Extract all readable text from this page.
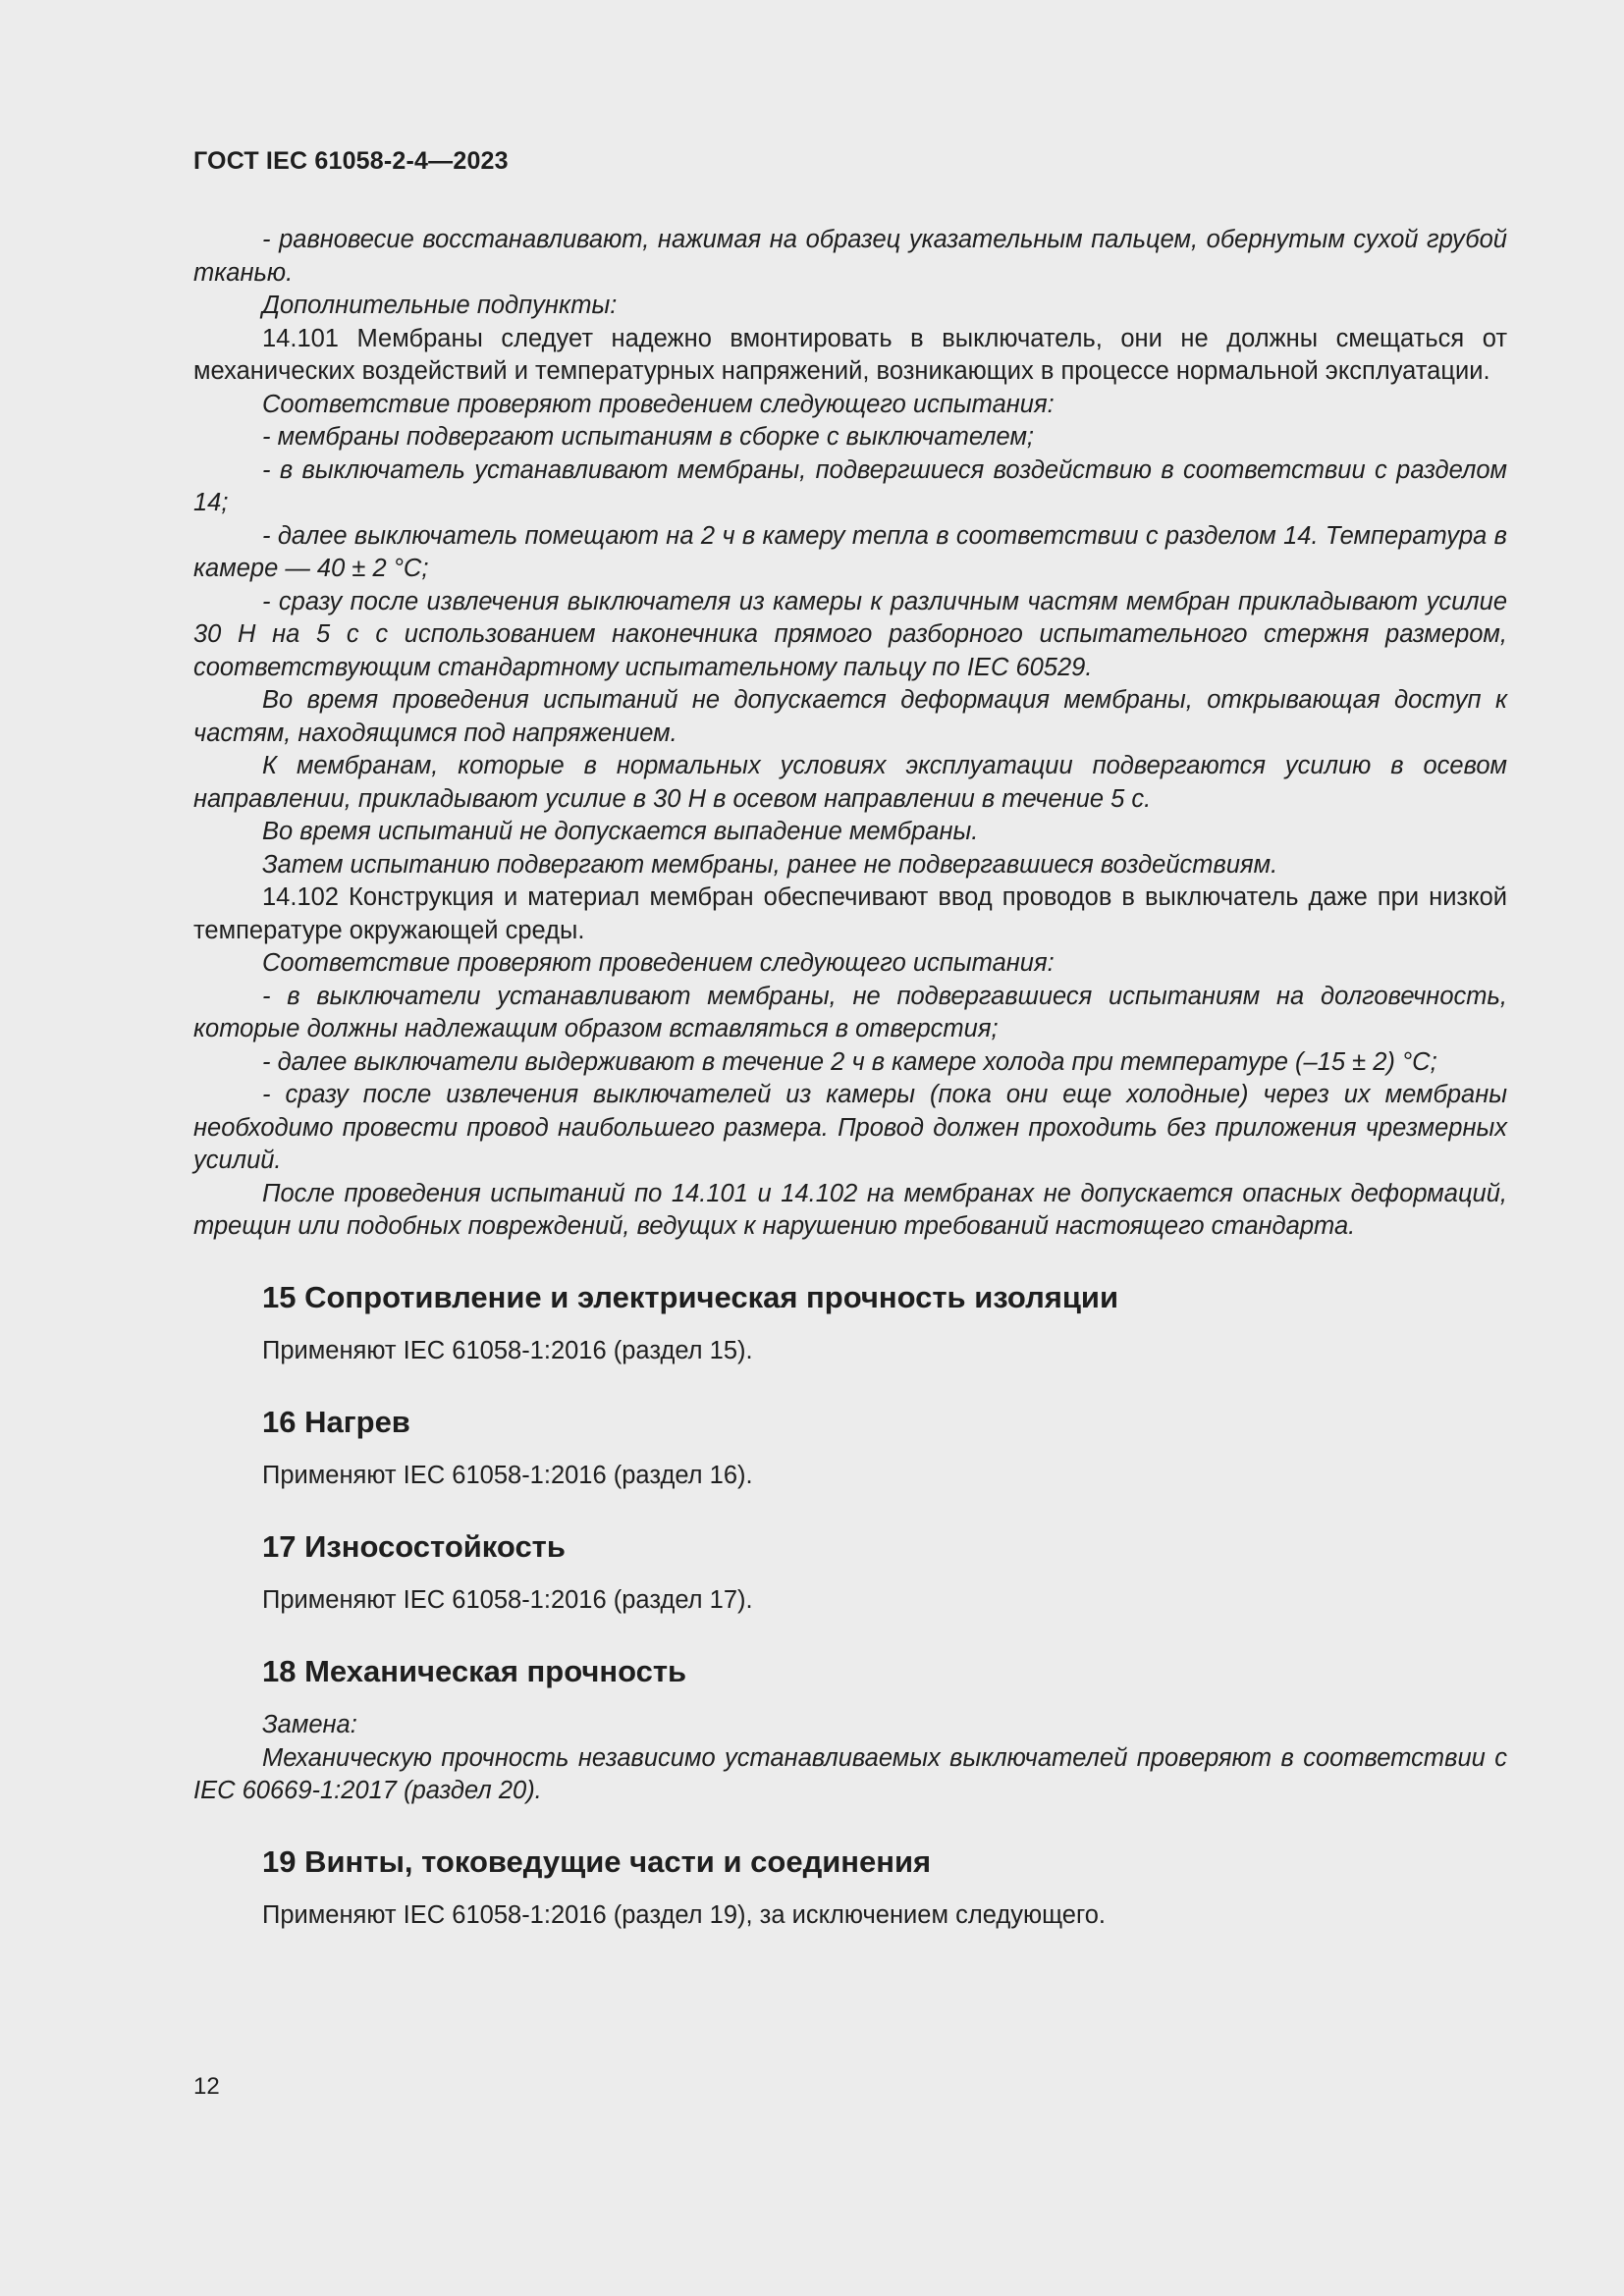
ГОСТ IEC 61058-2-4—2023

- равновесие восстанавливают, нажимая на образец указательным пальцем, обернутым сухой грубой тканью.

Дополнительные подпункты:

14.101 Мембраны следует надежно вмонтировать в выключатель, они не должны смещаться от механических воздействий и температурных напряжений, возникающих в процессе нормальной эксплуатации.

Соответствие проверяют проведением следующего испытания:

- мембраны подвергают испытаниям в сборке с выключателем;

- в выключатель устанавливают мембраны, подвергшиеся воздействию в соответствии с разделом 14;

- далее выключатель помещают на 2 ч в камеру тепла в соответствии с разделом 14. Температура в камере — 40 ± 2 °С;

- сразу после извлечения выключателя из камеры к различным частям мембран прикладывают усилие 30 Н на 5 с с использованием наконечника прямого разборного испытательного стержня размером, соответствующим стандартному испытательному пальцу по IEC 60529.

Во время проведения испытаний не допускается деформация мембраны, открывающая доступ к частям, находящимся под напряжением.

К мембранам, которые в нормальных условиях эксплуатации подвергаются усилию в осевом направлении, прикладывают усилие в 30 Н в осевом направлении в течение 5 с.

Во время испытаний не допускается выпадение мембраны.

Затем испытанию подвергают мембраны, ранее не подвергавшиеся воздействиям.

14.102 Конструкция и материал мембран обеспечивают ввод проводов в выключатель даже при низкой температуре окружающей среды.

Соответствие проверяют проведением следующего испытания:

- в выключатели устанавливают мембраны, не подвергавшиеся испытаниям на долговечность, которые должны надлежащим образом вставляться в отверстия;

- далее выключатели выдерживают в течение 2 ч в камере холода при температуре (–15 ± 2) °С;

- сразу после извлечения выключателей из камеры (пока они еще холодные) через их мембраны необходимо провести провод наибольшего размера. Провод должен проходить без приложения чрезмерных усилий.

После проведения испытаний по 14.101 и 14.102 на мембранах не допускается опасных деформаций, трещин или подобных повреждений, ведущих к нарушению требований настоящего стандарта.

15 Сопротивление и электрическая прочность изоляции

Применяют IEC 61058-1:2016 (раздел 15).

16 Нагрев

Применяют IEC 61058-1:2016 (раздел 16).

17 Износостойкость

Применяют IEC 61058-1:2016 (раздел 17).

18 Механическая прочность

Замена:

Механическую прочность независимо устанавливаемых выключателей проверяют в соответствии с IEC 60669-1:2017 (раздел 20).

19 Винты, токоведущие части и соединения

Применяют IEC 61058-1:2016 (раздел 19), за исключением следующего.

12
